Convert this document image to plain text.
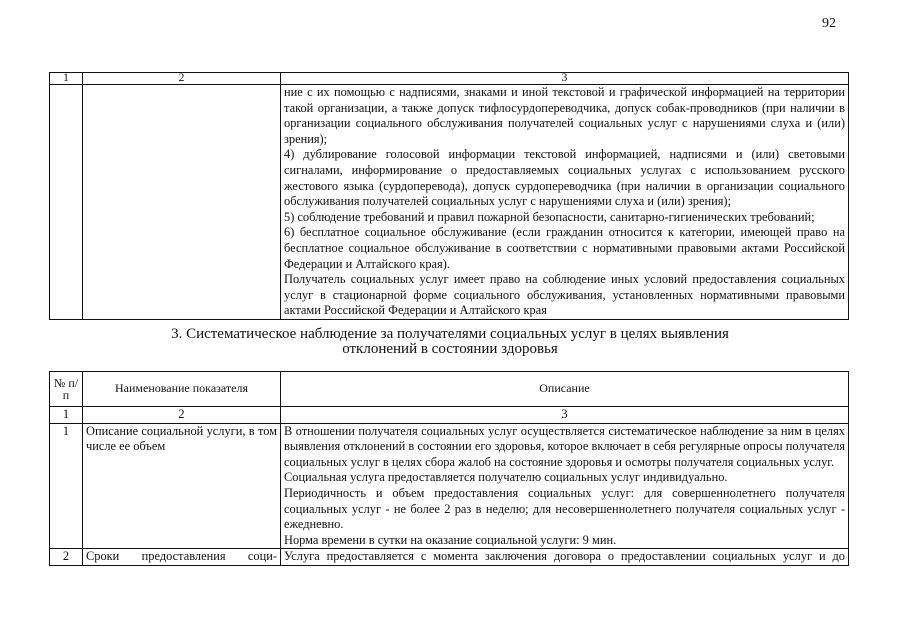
92
1	2	3

		ние с их помощью с надписями, знаками и иной текстовой и графической информацией на территории такой организации, а также допуск тифлосурдопереводчика, допуск собак-проводников (при наличии в организации социального обслуживания получателей социальных услуг с нарушениями слуха и (или) зрения);

4) дублирование голосовой информации текстовой информацией, надписями и (или) световыми сигналами, информирование о предоставляемых социальных услугах с использованием русского жестового языка (сурдоперевода), допуск сурдопереводчика (при наличии в организации социального обслуживания получателей социальных услуг с нарушениями слуха и (или) зрения);

5) соблюдение требований и правил пожарной безопасности, санитарно-гигиенических требований;

6) бесплатное социальное обслуживание (если гражданин относится к категории, имеющей право на бесплатное социальное обслуживание в соответствии с нормативными правовыми актами Российской Федерации и Алтайского края).

Получатель социальных услуг имеет право на соблюдение иных условий предоставления социальных услуг в стационарной форме социального обслуживания, установленных нормативными правовыми актами Российской Федерации и Алтайского края

3. Систематическое наблюдение за получателями социальных услуг в целях выявления
отклонений в состоянии здоровья
№ п/п	Наименование показателя	Описание
1	2	3
1	Описание социальной услуги, в том числе ее объем	В отношении получателя социальных услуг осуществляется систематическое наблюдение за ним в целях выявления отклонений в состоянии его здоровья, которое включает в себя регулярные опросы получателя социальных услуг в целях сбора жалоб на состояние здоровья и осмотры получателя социальных услуг.

Социальная услуга предоставляется получателю социальных услуг индивидуально.

Периодичность и объем предоставления социальных услуг: для совершеннолетнего получателя социальных услуг - не более 2 раз в неделю; для несовершеннолетнего получателя социальных услуг - ежедневно.

Норма времени в сутки на оказание социальной услуги: 9 мин.

2	Сроки предоставления соци-	Услуга предоставляется с момента заключения договора о предоставлении социальных услуг и до
